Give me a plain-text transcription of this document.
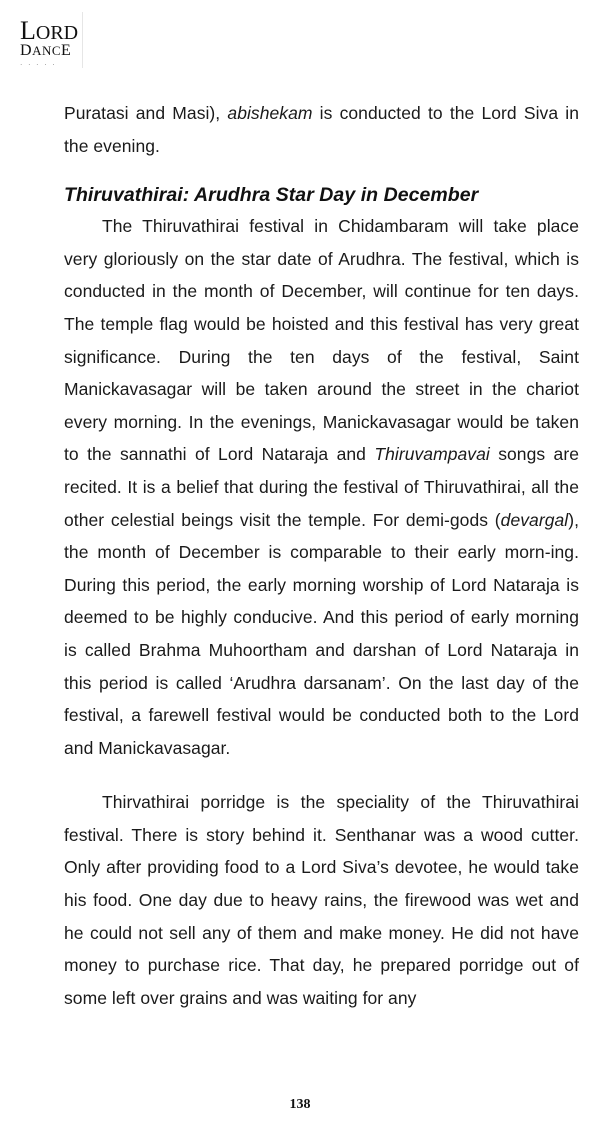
LORD
DANCE
· · · · ·

Puratasi and Masi), abishekam is conducted to the Lord Siva in the evening.

Thiruvathirai: Arudhra Star Day in December

The Thiruvathirai festival in Chidambaram will take place very gloriously on the star date of Arudhra. The festival, which is conducted in the month of December, will continue for ten days. The temple flag would be hoisted and this festival has very great significance. During the ten days of the festival, Saint Manickavasagar will be taken around the street in the chariot every morning. In the evenings, Manickavasagar would be taken to the sannathi of Lord Nataraja and Thiruvampavai songs are recited. It is a belief that during the festival of Thiruvathirai, all the other celestial beings visit the temple. For demi-gods (devargal), the month of December is comparable to their early morn-ing. During this period, the early morning worship of Lord Nataraja is deemed to be highly conducive. And this period of early morning is called Brahma Muhoortham and darshan of Lord Nataraja in this period is called ‘Arudhra darsanam’. On the last day of the festival, a farewell festival would be conducted both to the Lord and Manickavasagar.

Thirvathirai porridge is the speciality of the Thiruvathirai festival. There is story behind it. Senthanar was a wood cutter. Only after providing food to a Lord Siva’s devotee, he would take his food. One day due to heavy rains, the firewood was wet and he could not sell any of them and make money. He did not have money to purchase rice. That day, he prepared porridge out of some left over grains and was waiting for any

138
